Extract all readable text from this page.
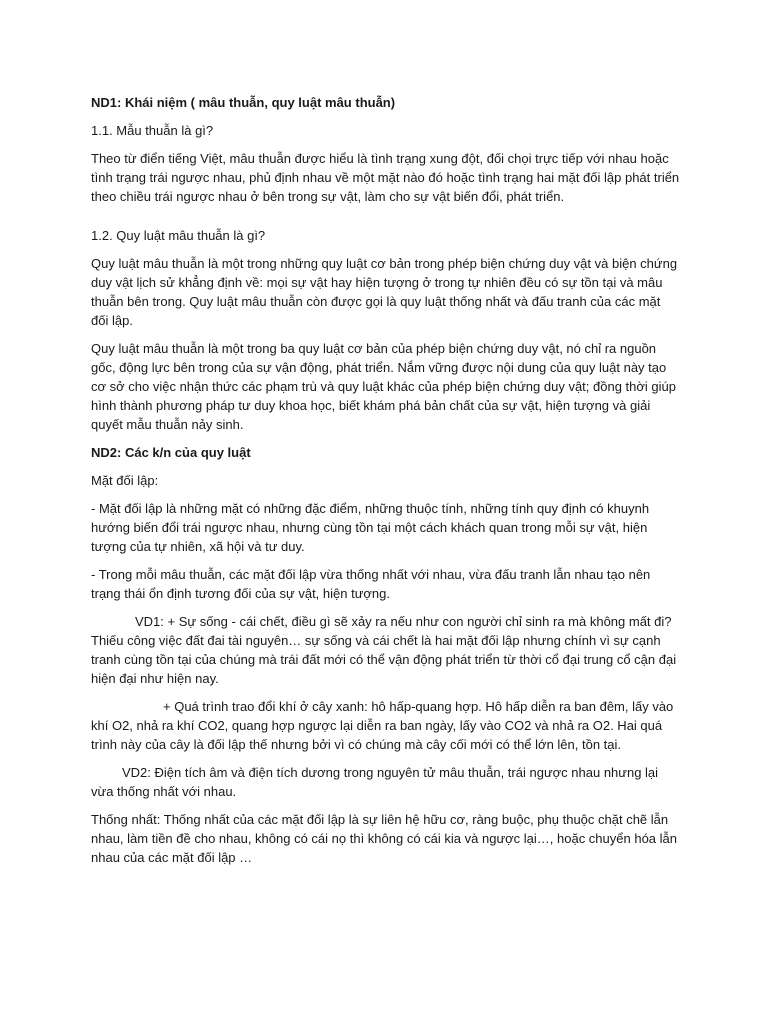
ND1: Khái niệm ( mâu thuẫn, quy luật mâu thuẫn)

1.1. Mẫu thuẫn là gì?

Theo từ điển tiếng Việt, mâu thuẫn được hiểu là tình trạng xung đột, đối chọi trực tiếp với nhau hoặc tình trạng trái ngược nhau, phủ định nhau về một mặt nào đó hoặc tình trạng hai mặt đối lập phát triển theo chiều trái ngược nhau ở bên trong sự vật, làm cho sự vật biến đổi, phát triển.

1.2. Quy luật mâu thuẫn là gì?

Quy luật mâu thuẫn là một trong những quy luật cơ bản trong phép biện chứng duy vật và biện chứng duy vật lịch sử khẳng định về: mọi sự vật hay hiện tượng ở trong tự nhiên đều có sự tồn tại và mâu thuẫn bên trong. Quy luật mâu thuẫn còn được gọi là quy luật thống nhất và đấu tranh của các mặt đối lập.

Quy luật mâu thuẫn là một trong ba quy luật cơ bản của phép biện chứng duy vật, nó chỉ ra nguồn gốc, động lực bên trong của sự vận động, phát triển. Nắm vững được nội dung của quy luật này tạo cơ sở cho việc nhận thức các phạm trù và quy luật khác của phép biện chứng duy vật; đồng thời giúp hình thành phương pháp tư duy khoa học, biết khám phá bản chất của sự vật, hiện tượng và giải quyết mẫu thuẫn nảy sinh.

ND2: Các k/n của quy luật

Mặt đối lập:

- Mặt đối lập là những mặt có những đặc điểm, những thuộc tính, những tính quy định có khuynh hướng biến đổi trái ngược nhau, nhưng cùng tồn tại một cách khách quan trong mỗi sự vật, hiện tượng của tự nhiên, xã hội và tư duy.

- Trong mỗi mâu thuẫn, các mặt đối lập vừa thống nhất với nhau, vừa đấu tranh lẫn nhau tạo nên trạng thái ổn định tương đối của sự vật, hiện tượng.

VD1: + Sự sống - cái chết, điều gì sẽ xảy ra nếu như con người chỉ sinh ra mà không mất đi? Thiếu công việc đất đai tài nguyên… sự sống và cái chết là hai mặt đối lập nhưng chính vì sự cạnh tranh cùng tồn tại của chúng mà trái đất mới có thể vận động phát triển từ thời cổ đại trung cổ cận đại hiện đại như hiện nay.

+ Quá trình trao đổi khí ở cây xanh: hô hấp-quang hợp. Hô hấp diễn ra ban đêm, lấy vào khí O2, nhả ra khí CO2, quang hợp ngược lại diễn ra ban ngày, lấy vào CO2 và nhả ra O2. Hai quá trình này của cây là đối lập thế nhưng bởi vì có chúng mà cây cối mới có thể lớn lên, tồn tại.

VD2: Điện tích âm và điện tích dương trong nguyên tử mâu thuẫn, trái ngược nhau nhưng lại vừa thống nhất với nhau.

Thống nhất: Thống nhất của các mặt đối lập là sự liên hệ hữu cơ, ràng buộc, phụ thuộc chặt chẽ lẫn nhau, làm tiền đề cho nhau, không có cái nọ thì không có cái kia và ngược lại…, hoặc chuyển hóa lẫn nhau của các mặt đối lập …
